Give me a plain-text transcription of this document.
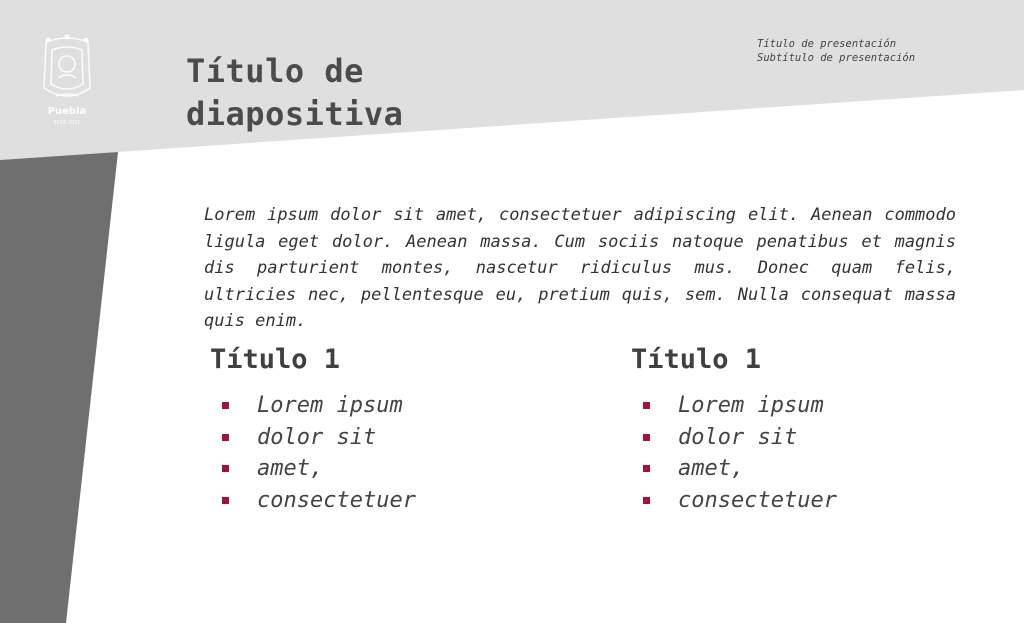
Puebla
2018-2021
Título de presentación
Subtítulo de presentación
Título de diapositiva
Lorem ipsum dolor sit amet, consectetuer adipiscing elit. Aenean commodo ligula eget dolor. Aenean massa. Cum sociis natoque penatibus et magnis dis parturient montes, nascetur ridiculus mus. Donec quam felis, ultricies nec, pellentesque eu, pretium quis, sem. Nulla consequat massa quis enim.
Título 1
Lorem ipsum
dolor sit
amet,
consectetuer
Título 1
Lorem ipsum
dolor sit
amet,
consectetuer
